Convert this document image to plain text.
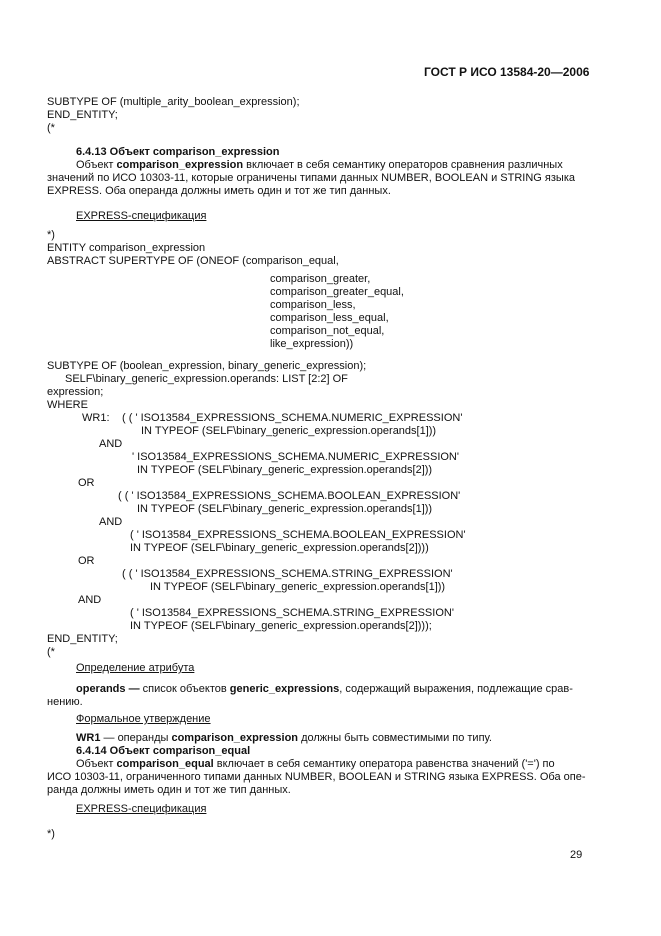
ГОСТ Р ИСО 13584-20—2006
SUBTYPE OF (multiple_arity_boolean_expression);
END_ENTITY;
(*
6.4.13 Объект comparison_expression
Объект comparison_expression включает в себя семантику операторов сравнения различных
значений по ИСО 10303-11, которые ограничены типами данных NUMBER, BOOLEAN и STRING языка
EXPRESS. Оба операнда должны иметь один и тот же тип данных.
EXPRESS-спецификация
*)
ENTITY comparison_expression
ABSTRACT SUPERTYPE OF (ONEOF (comparison_equal,
comparison_greater,
comparison_greater_equal,
comparison_less,
comparison_less_equal,
comparison_not_equal,
like_expression))
SUBTYPE OF (boolean_expression, binary_generic_expression);
SELF\binary_generic_expression.operands: LIST [2:2] OF
expression;
WHERE
WR1: ( ( ' ISO13584_EXPRESSIONS_SCHEMA.NUMERIC_EXPRESSION'
IN TYPEOF (SELF\binary_generic_expression.operands[1]))
AND
' ISO13584_EXPRESSIONS_SCHEMA.NUMERIC_EXPRESSION'
IN TYPEOF (SELF\binary_generic_expression.operands[2]))
OR
( ( ' ISO13584_EXPRESSIONS_SCHEMA.BOOLEAN_EXPRESSION'
IN TYPEOF (SELF\binary_generic_expression.operands[1]))
AND
( ' ISO13584_EXPRESSIONS_SCHEMA.BOOLEAN_EXPRESSION'
IN TYPEOF (SELF\binary_generic_expression.operands[2])))
OR
( ( ' ISO13584_EXPRESSIONS_SCHEMA.STRING_EXPRESSION'
IN TYPEOF (SELF\binary_generic_expression.operands[1]))
AND
( ' ISO13584_EXPRESSIONS_SCHEMA.STRING_EXPRESSION'
IN TYPEOF (SELF\binary_generic_expression.operands[2])));
END_ENTITY;
(*
Определение атрибута
operands — список объектов generic_expressions, содержащий выражения, подлежащие срав-
нению.
Формальное утверждение
WR1 — операнды comparison_expression должны быть совместимыми по типу.
6.4.14 Объект comparison_equal
Объект comparison_equal включает в себя семантику оператора равенства значений ('=') по
ИСО 10303-11, ограниченного типами данных NUMBER, BOOLEAN и STRING языка EXPRESS. Оба опе-
ранда должны иметь один и тот же тип данных.
EXPRESS-спецификация
*)
29
